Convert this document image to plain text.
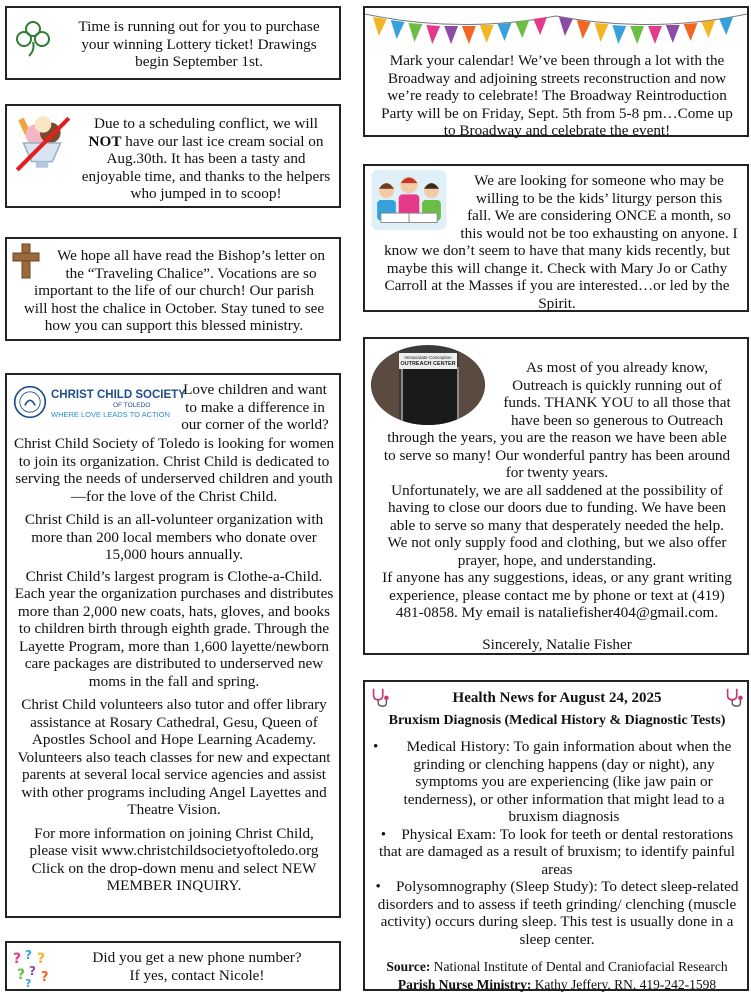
Time is running out for you to purchase

your winning Lottery ticket! Drawings

begin September 1st.

Due to a scheduling conflict, we will

NOT have our last ice cream social on

Aug.30th. It has been a tasty and

enjoyable time, and thanks to the helpers

who jumped in to scoop!

We hope all have read the Bishop’s letter on

the “Traveling Chalice”. Vocations are so

important to the life of our church! Our parish

will host the chalice in October. Stay tuned to see

how you can support this blessed ministry.

CHRIST CHILD SOCIETY
OF TOLEDO
WHERE LOVE LEADS TO ACTION

Love children and want

to make a difference in

our corner of the world?

Christ Child Society of Toledo is looking for women to join its organization. Christ Child is dedicated to serving the needs of underserved children and youth—for the love of the Christ Child.

Christ Child is an all-volunteer organization with more than 200 local members who donate over 15,000 hours annually.

Christ Child’s largest program is Clothe-a-Child. Each year the organization purchases and distributes more than 2,000 new coats, hats, gloves, and books to children birth through eighth grade. Through the Layette Program, more than 1,600 layette/newborn care packages are distributed to underserved new moms in the fall and spring.

Christ Child volunteers also tutor and offer library assistance at Rosary Cathedral, Gesu, Queen of Apostles School and Hope Learning Academy. Volunteers also teach classes for new and expectant parents at several local service agencies and assist with other programs including Angel Layettes and Theatre Vision.

For more information on joining Christ Child,

please visit www.christchildsocietyoftoledo.org

Click on the drop-down menu and select NEW

MEMBER INQUIRY.

? ? ?
? ? ?
?

Did you get a new phone number?

If yes, contact Nicole!

Mark your calendar! We’ve been through a lot with the

Broadway and adjoining streets reconstruction and now

we’re ready to celebrate! The Broadway Reintroduction

Party will be on Friday, Sept. 5th from 5-8 pm…Come up

to Broadway and celebrate the event!

We are looking for someone who may be

willing to be the kids’ liturgy person this

fall. We are considering ONCE a month, so

this would not be too exhausting on anyone. I

know we don’t seem to have that many kids recently, but

maybe this will change it. Check with Mary Jo or Cathy

Carroll at the Masses if you are interested…or led by the

Spirit.

Immaculate Conception
OUTREACH CENTER	As most of you already know,

Outreach is quickly running out of

funds. THANK YOU to all those that

have been so generous to Outreach

through the years, you are the reason we have been able

to serve so many! Our wonderful pantry has been around

for twenty years.

Unfortunately, we are all saddened at the possibility of

having to close our doors due to funding. We have been

able to serve so many that desperately needed the help.

We not only supply food and clothing, but we also offer

prayer, hope, and understanding.

If anyone has any suggestions, ideas, or any grant writing

experience, please contact me by phone or text at (419)

481-0858. My email is nataliefisher404@gmail.com.

Sincerely, Natalie Fisher

Health News for August 24, 2025

Bruxism Diagnosis (Medical History & Diagnostic Tests)

•	Medical History: To gain information about when the

grinding or clenching happens (day or night), any symptoms you are experiencing (like jaw pain or tenderness), or other information that might lead to a bruxism diagnosis

•    Physical Exam: To look for teeth or dental restorations that are damaged as a result of bruxism; to identify painful areas

•    Polysomnography (Sleep Study): To detect sleep-related disorders and to assess if teeth grinding/ clenching (muscle activity) occurs during sleep. This test is usually done in a sleep center.

Source: National Institute of Dental and Craniofacial Research

Parish Nurse Ministry: Kathy Jeffery, RN, 419-242-1598
